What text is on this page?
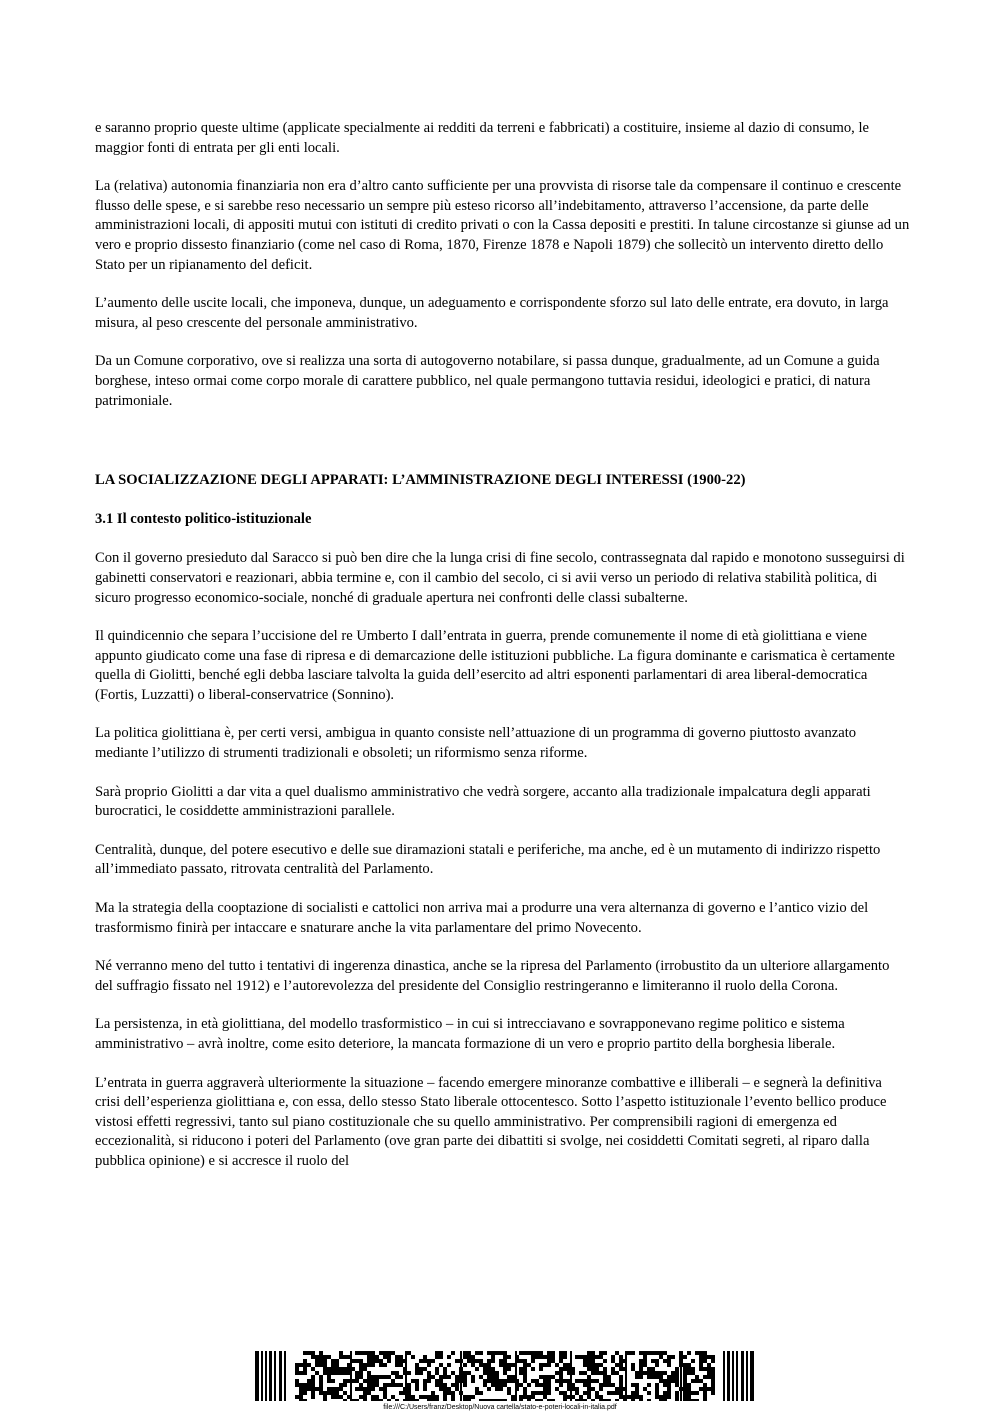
e saranno proprio queste ultime (applicate specialmente ai redditi da terreni e fabbricati) a costituire, insieme al dazio di consumo, le maggior fonti di entrata per gli enti locali.

La (relativa) autonomia finanziaria non era d’altro canto sufficiente per una provvista di risorse tale da compensare il continuo e crescente flusso delle spese, e si sarebbe reso necessario un sempre più esteso ricorso all’indebitamento, attraverso l’accensione, da parte delle amministrazioni locali, di appositi mutui con istituti di credito privati o con la Cassa depositi e prestiti. In talune circostanze si giunse ad un vero e proprio dissesto finanziario (come nel caso di Roma, 1870, Firenze 1878 e Napoli 1879) che sollecitò un intervento diretto dello Stato per un ripianamento del deficit.

L’aumento delle uscite locali, che imponeva, dunque, un adeguamento e corrispondente sforzo sul lato delle entrate, era dovuto, in larga misura, al peso crescente del personale amministrativo.

Da un Comune corporativo, ove si realizza una sorta di autogoverno notabilare, si passa dunque, gradualmente, ad un Comune a guida borghese, inteso ormai come corpo morale di carattere pubblico, nel quale permangono tuttavia residui, ideologici e pratici, di natura patrimoniale.

LA SOCIALIZZAZIONE DEGLI APPARATI: L’AMMINISTRAZIONE DEGLI INTERESSI (1900-22)
3.1 Il contesto politico-istituzionale

Con il governo presieduto dal Saracco si può ben dire che la lunga crisi di fine secolo, contrassegnata dal rapido e monotono susseguirsi di gabinetti conservatori e reazionari, abbia termine e, con il cambio del secolo, ci si avii verso un periodo di relativa stabilità politica, di sicuro progresso economico-sociale, nonché di graduale apertura nei confronti delle classi subalterne.

Il quindicennio che separa l’uccisione del re Umberto I dall’entrata in guerra, prende comunemente il nome di età giolittiana e viene appunto giudicato come una fase di ripresa e di demarcazione delle istituzioni pubbliche. La figura dominante e carismatica è certamente quella di Giolitti, benché egli debba lasciare talvolta la guida dell’esercito ad altri esponenti parlamentari di area liberal-democratica (Fortis, Luzzatti) o liberal-conservatrice (Sonnino).

La politica giolittiana è, per certi versi, ambigua in quanto consiste nell’attuazione di un programma di governo piuttosto avanzato mediante l’utilizzo di strumenti tradizionali e obsoleti; un riformismo senza riforme.

Sarà proprio Giolitti a dar vita a quel dualismo amministrativo che vedrà sorgere, accanto alla tradizionale impalcatura degli apparati burocratici, le cosiddette amministrazioni parallele.

Centralità, dunque, del potere esecutivo e delle sue diramazioni statali e periferiche, ma anche, ed è un mutamento di indirizzo rispetto all’immediato passato, ritrovata centralità del Parlamento.

Ma la strategia della cooptazione di socialisti e cattolici non arriva mai a produrre una vera alternanza di governo e l’antico vizio del trasformismo finirà per intaccare e snaturare anche la vita parlamentare del primo Novecento.

Né verranno meno del tutto i tentativi di ingerenza dinastica, anche se la ripresa del Parlamento (irrobustito da un ulteriore allargamento del suffragio fissato nel 1912) e l’autorevolezza del presidente del Consiglio restringeranno e limiteranno il ruolo della Corona.

La persistenza, in età giolittiana, del modello trasformistico – in cui si intrecciavano e sovrapponevano regime politico e sistema amministrativo – avrà inoltre, come esito deteriore, la mancata formazione di un vero e proprio partito della borghesia liberale.

L’entrata in guerra aggraverà ulteriormente la situazione – facendo emergere minoranze combattive e illiberali – e segnerà la definitiva crisi dell’esperienza giolittiana e, con essa, dello stesso Stato liberale ottocentesco. Sotto l’aspetto istituzionale l’evento bellico produce vistosi effetti regressivi, tanto sul piano costituzionale che su quello amministrativo. Per comprensibili ragioni di emergenza ed eccezionalità, si riducono i poteri del Parlamento (ove gran parte dei dibattiti si svolge, nei cosiddetti Comitati segreti, al riparo dalla pubblica opinione) e si accresce il ruolo del

file:///C:/Users/franz/Desktop/Nuova cartella/stato-e-poteri-locali-in-italia.pdf
